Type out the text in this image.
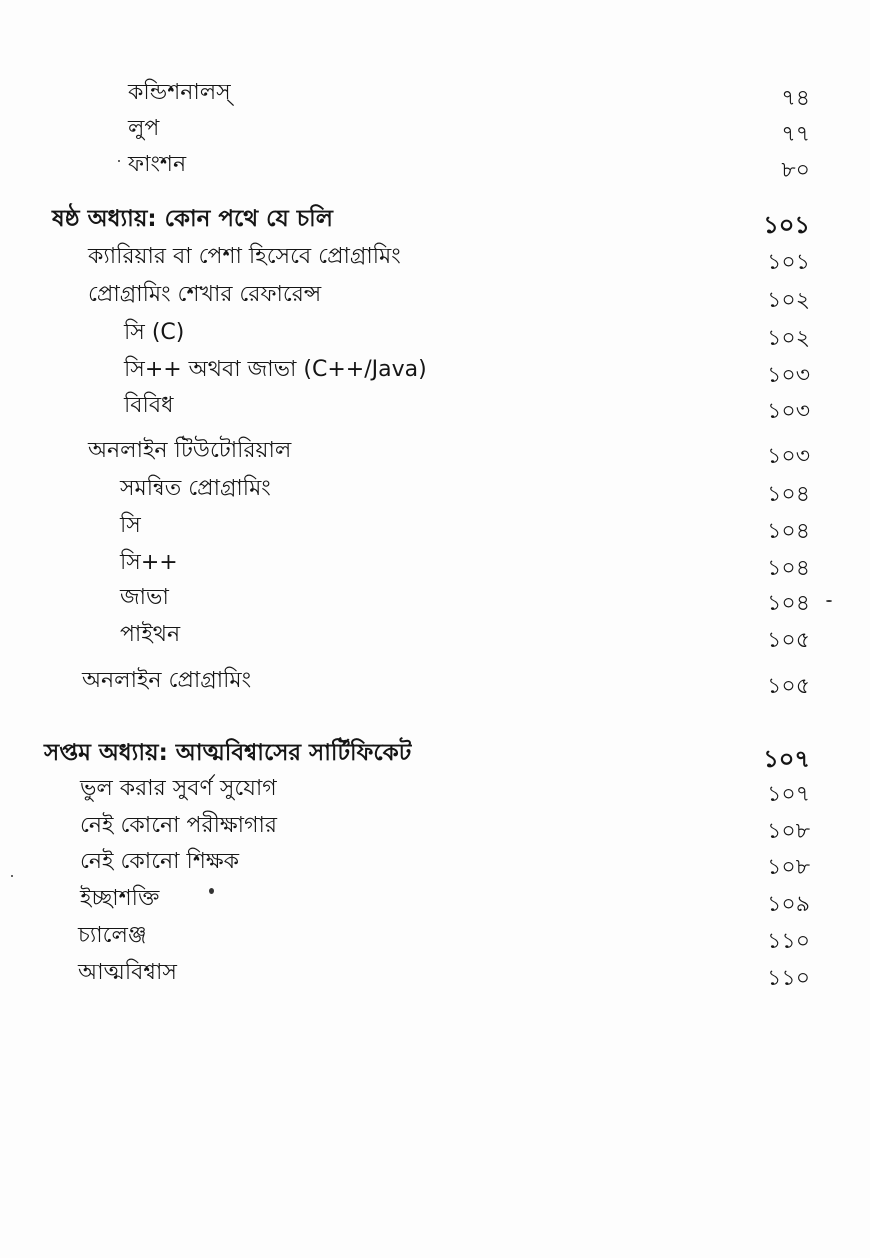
কন্ডিশনালস্	৭৪
লুপ	৭৭
ফাংশন	৮০
ষষ্ঠ অধ্যায়: কোন পথে যে চলি	১০১
ক্যারিয়ার বা পেশা হিসেবে প্রোগ্রামিং	১০১
প্রোগ্রামিং শেখার রেফারেন্স	১০২
সি (C)	১০২
সি++ অথবা জাভা (C++/Java)	১০৩
বিবিধ	১০৩
অনলাইন টিউটোরিয়াল	১০৩
সমন্বিত প্রোগ্রামিং	১০৪
সি	১০৪
সি++	১০৪
জাভা	১০৪
পাইথন	১০৫
অনলাইন প্রোগ্রামিং	১০৫
সপ্তম অধ্যায়: আত্মবিশ্বাসের সার্টিফিকেট	১০৭
ভুল করার সুবর্ণ সুযোগ	১০৭
নেই কোনো পরীক্ষাগার	১০৮
নেই কোনো শিক্ষক	১০৮
ইচ্ছাশক্তি	১০৯
চ্যালেঞ্জ	১১০
আত্মবিশ্বাস	১১০
